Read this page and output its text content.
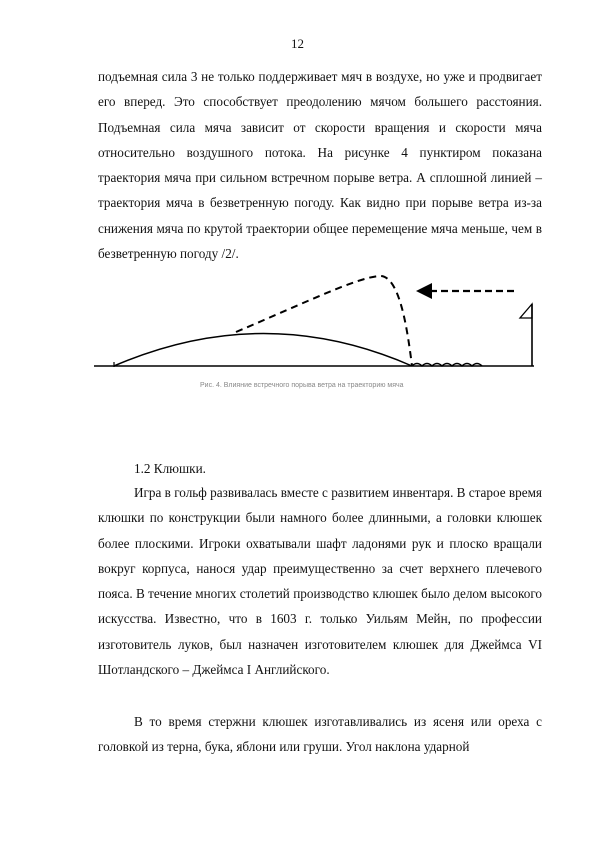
12

подъемная сила 3 не только поддерживает мяч в воздухе, но уже и продвигает его вперед. Это способствует преодолению мячом большего расстояния. Подъемная сила мяча зависит от скорости вращения и скорости мяча относительно воздушного потока. На рисунке 4 пунктиром показана траектория мяча при сильном встречном порыве ветра. А сплошной линией – траектория мяча в безветренную погоду. Как видно при порыве ветра из-за снижения мяча по крутой траектории общее перемещение мяча меньше, чем в безветренную погоду /2/.

Рис. 4. Влияние встречного порыва ветра на траекторию мяча
1.2 Клюшки.

Игра в гольф развивалась вместе с развитием инвентаря. В старое время клюшки по конструкции были намного более длинными, а головки клюшек более плоскими. Игроки охватывали шафт ладонями рук и плоско вращали вокруг корпуса, нанося удар преимущественно за счет верхнего плечевого пояса. В течение многих столетий производство клюшек было делом высокого искусства. Известно, что в 1603 г. только Уильям Мейн, по профессии изготовитель луков, был назначен изготовителем клюшек для Джеймса VI Шотландского – Джеймса I Английского.

В то время стержни клюшек изготавливались из ясеня или ореха с головкой из терна, бука, яблони или груши. Угол наклона ударной
